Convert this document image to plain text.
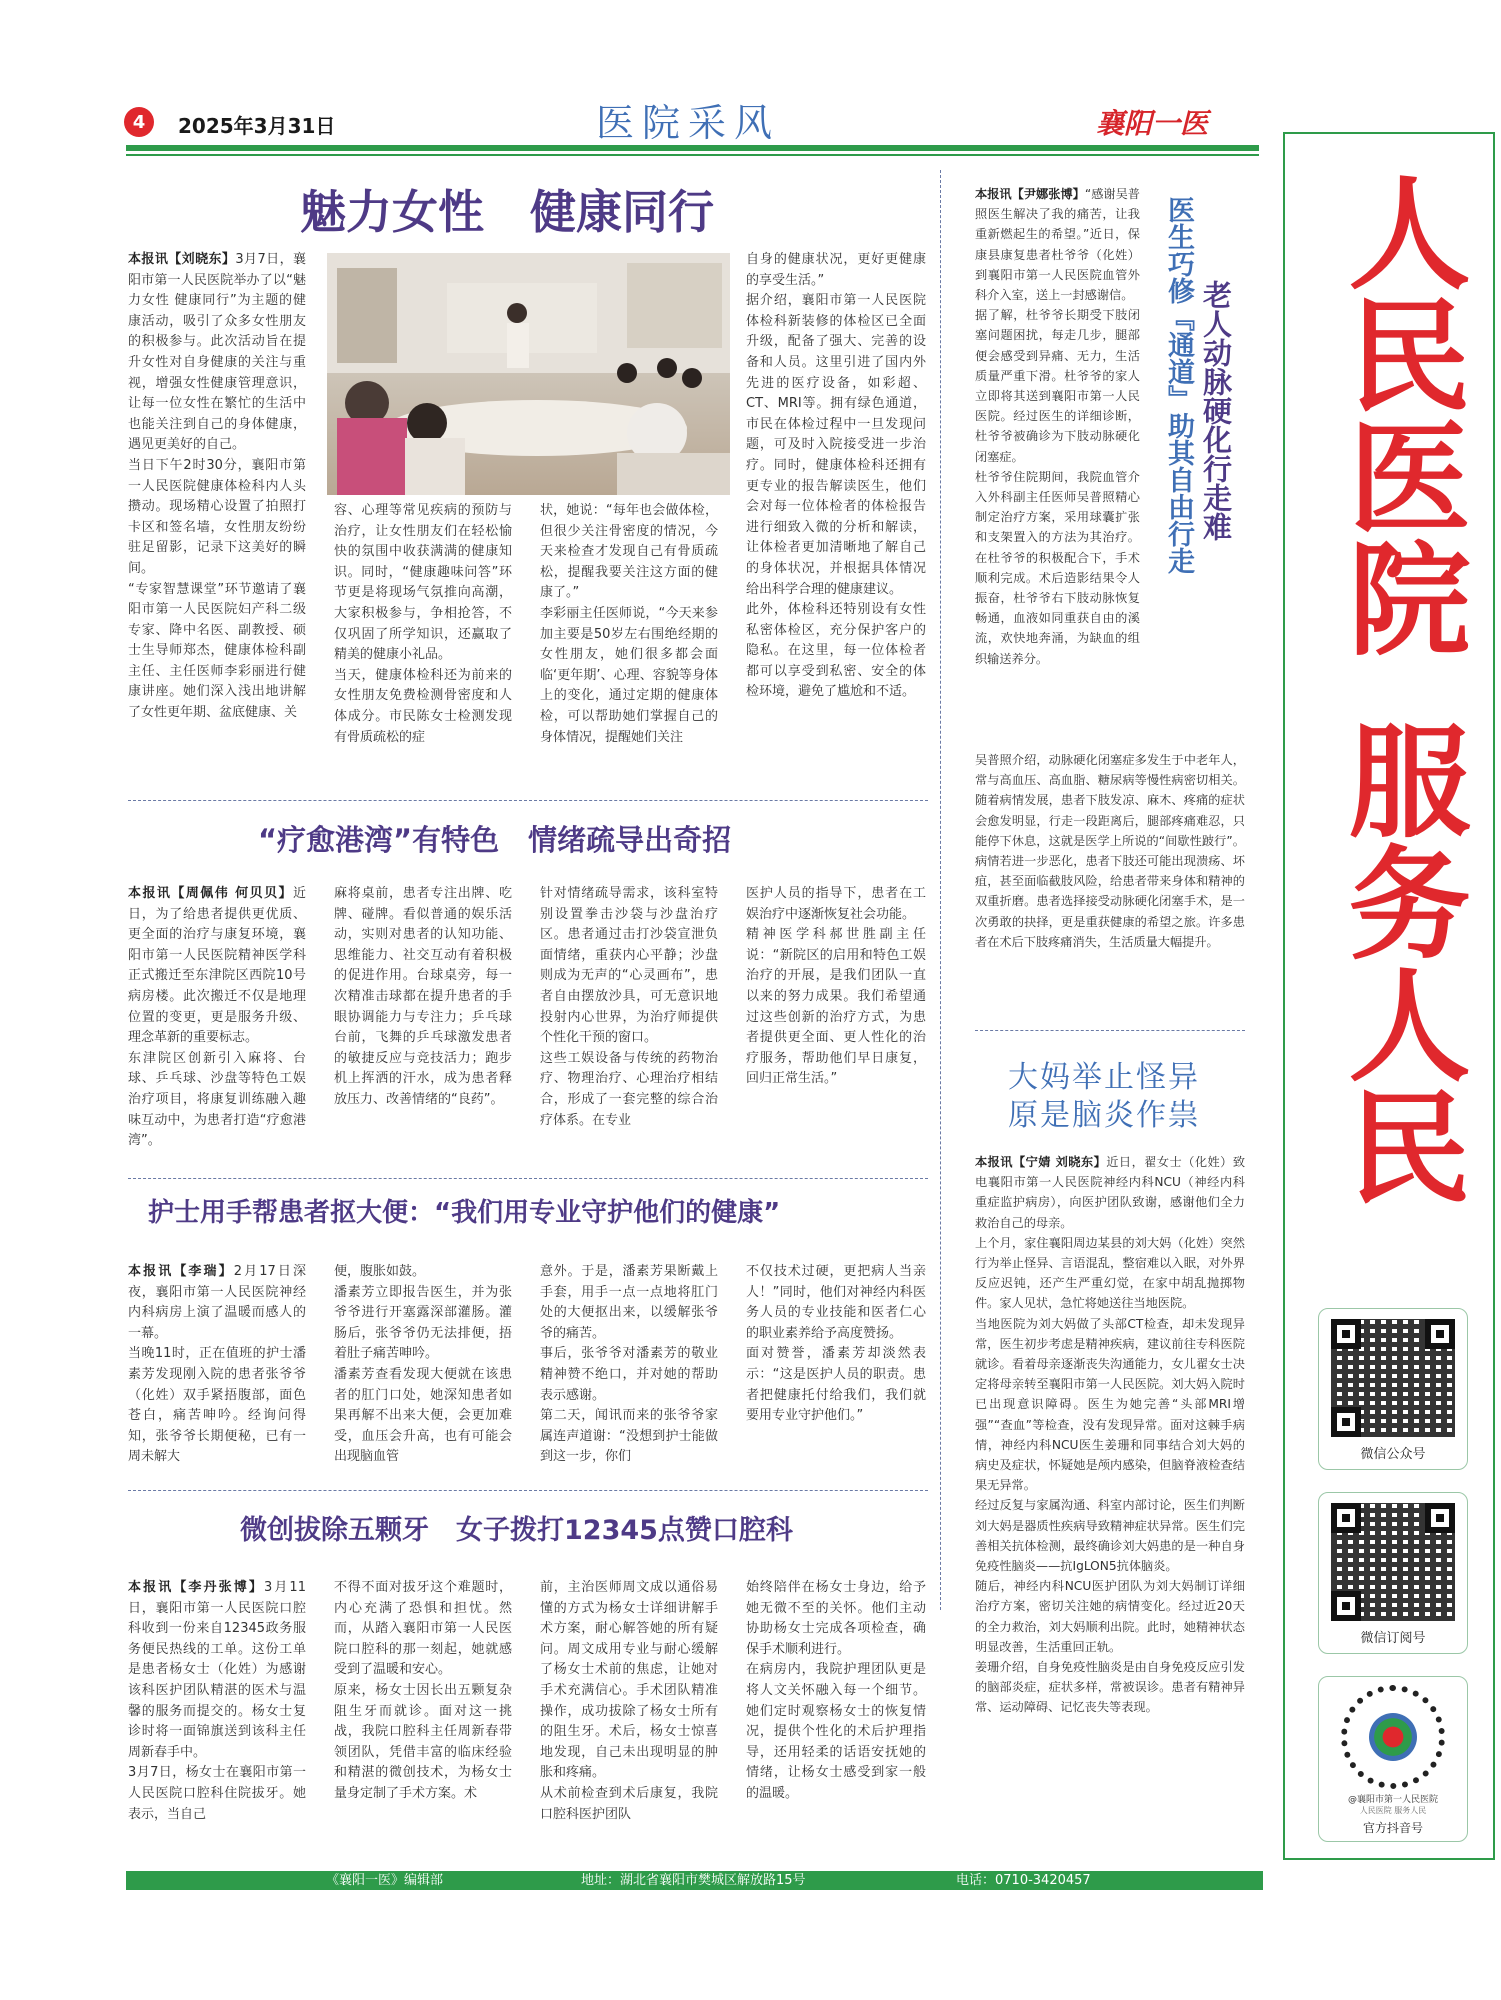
4 2025年3月31日	医院采风	襄阳一医
魅力女性　健康同行
本报讯【刘晓东】3月7日，襄阳市第一人民医院举办了以“魅力女性 健康同行”为主题的健康活动，吸引了众多女性朋友的积极参与。此次活动旨在提升女性对自身健康的关注与重视，增强女性健康管理意识，让每一位女性在繁忙的生活中也能关注到自己的身体健康，遇见更美好的自己。
当日下午2时30分，襄阳市第一人民医院健康体检科内人头攒动。现场精心设置了拍照打卡区和签名墙，女性朋友纷纷驻足留影，记录下这美好的瞬间。
“专家智慧课堂”环节邀请了襄阳市第一人民医院妇产科二级专家、降中名医、副教授、硕士生导师郑杰，健康体检科副主任、主任医师李彩丽进行健康讲座。她们深入浅出地讲解了女性更年期、盆底健康、关
容、心理等常见疾病的预防与治疗，让女性朋友们在轻松愉快的氛围中收获满满的健康知识。同时，“健康趣味问答”环节更是将现场气氛推向高潮，大家积极参与，争相抢答，不仅巩固了所学知识，还赢取了精美的健康小礼品。
当天，健康体检科还为前来的女性朋友免费检测骨密度和人体成分。市民陈女士检测发现有骨质疏松的症
状，她说：“每年也会做体检，但很少关注骨密度的情况，今天来检查才发现自己有骨质疏松，提醒我要关注这方面的健康了。”
李彩丽主任医师说，“今天来参加主要是50岁左右围绝经期的女性朋友，她们很多都会面临‘更年期’、心理、容貌等身体上的变化，通过定期的健康体检，可以帮助她们掌握自己的身体情况，提醒她们关注
自身的健康状况，更好更健康的享受生活。”
据介绍，襄阳市第一人民医院体检科新装修的体检区已全面升级，配备了强大、完善的设备和人员。这里引进了国内外先进的医疗设备，如彩超、CT、MRI等。拥有绿色通道，市民在体检过程中一旦发现问题，可及时入院接受进一步治疗。同时，健康体检科还拥有更专业的报告解读医生，他们会对每一位体检者的体检报告进行细致入微的分析和解读，让体检者更加清晰地了解自己的身体状况，并根据具体情况给出科学合理的健康建议。
此外，体检科还特别设有女性私密体检区，充分保护客户的隐私。在这里，每一位体检者都可以享受到私密、安全的体检环境，避免了尴尬和不适。
“疗愈港湾”有特色　情绪疏导出奇招
本报讯【周佩伟 何贝贝】近日，为了给患者提供更优质、更全面的治疗与康复环境，襄阳市第一人民医院精神医学科正式搬迁至东津院区西院10号病房楼。此次搬迁不仅是地理位置的变更，更是服务升级、理念革新的重要标志。
东津院区创新引入麻将、台球、乒乓球、沙盘等特色工娱治疗项目，将康复训练融入趣味互动中，为患者打造“疗愈港湾”。
麻将桌前，患者专注出牌、吃牌、碰牌。看似普通的娱乐活动，实则对患者的认知功能、思维能力、社交互动有着积极的促进作用。台球桌旁，每一次精准击球都在提升患者的手眼协调能力与专注力；乒乓球台前，飞舞的乒乓球激发患者的敏捷反应与竞技活力；跑步机上挥洒的汗水，成为患者释放压力、改善情绪的“良药”。
针对情绪疏导需求，该科室特别设置拳击沙袋与沙盘治疗区。患者通过击打沙袋宣泄负面情绪，重获内心平静；沙盘则成为无声的“心灵画布”，患者自由摆放沙具，可无意识地投射内心世界，为治疗师提供个性化干预的窗口。
这些工娱设备与传统的药物治疗、物理治疗、心理治疗相结合，形成了一套完整的综合治疗体系。在专业
医护人员的指导下，患者在工娱治疗中逐渐恢复社会功能。
精神医学科郝世胜副主任说：“新院区的启用和特色工娱治疗的开展，是我们团队一直以来的努力成果。我们希望通过这些创新的治疗方式，为患者提供更全面、更人性化的治疗服务，帮助他们早日康复，回归正常生活。”
护士用手帮患者抠大便：“我们用专业守护他们的健康”
本报讯【李瑞】2月17日深夜，襄阳市第一人民医院神经内科病房上演了温暖而感人的一幕。
当晚11时，正在值班的护士潘素芳发现刚入院的患者张爷爷（化姓）双手紧捂腹部，面色苍白，痛苦呻吟。经询问得知，张爷爷长期便秘，已有一周未解大
便，腹胀如鼓。
潘素芳立即报告医生，并为张爷爷进行开塞露深部灌肠。灌肠后，张爷爷仍无法排便，捂着肚子痛苦呻吟。
潘素芳查看发现大便就在该患者的肛门口处，她深知患者如果再解不出来大便，会更加难受，血压会升高，也有可能会出现脑血管
意外。于是，潘素芳果断戴上手套，用手一点一点地将肛门处的大便抠出来，以缓解张爷爷的痛苦。
事后，张爷爷对潘素芳的敬业精神赞不绝口，并对她的帮助表示感谢。
第二天，闻讯而来的张爷爷家属连声道谢：“没想到护士能做到这一步，你们
不仅技术过硬，更把病人当亲人！”同时，他们对神经内科医务人员的专业技能和医者仁心的职业素养给予高度赞扬。
面对赞誉，潘素芳却淡然表示：“这是医护人员的职责。患者把健康托付给我们，我们就要用专业守护他们。”
微创拔除五颗牙　女子拨打12345点赞口腔科
本报讯【李丹张博】3月11日，襄阳市第一人民医院口腔科收到一份来自12345政务服务便民热线的工单。这份工单是患者杨女士（化姓）为感谢该科医护团队精湛的医术与温馨的服务而提交的。杨女士复诊时将一面锦旗送到该科主任周新春手中。
3月7日，杨女士在襄阳市第一人民医院口腔科住院拔牙。她表示，当自己
不得不面对拔牙这个难题时，内心充满了恐惧和担忧。然而，从踏入襄阳市第一人民医院口腔科的那一刻起，她就感受到了温暖和安心。
原来，杨女士因长出五颗复杂阻生牙而就诊。面对这一挑战，我院口腔科主任周新春带领团队，凭借丰富的临床经验和精湛的微创技术，为杨女士量身定制了手术方案。术
前，主治医师周文成以通俗易懂的方式为杨女士详细讲解手术方案，耐心解答她的所有疑问。周文成用专业与耐心缓解了杨女士术前的焦虑，让她对手术充满信心。手术团队精准操作，成功拔除了杨女士所有的阻生牙。术后，杨女士惊喜地发现，自己未出现明显的肿胀和疼痛。
从术前检查到术后康复，我院口腔科医护团队
始终陪伴在杨女士身边，给予她无微不至的关怀。他们主动协助杨女士完成各项检查，确保手术顺利进行。
在病房内，我院护理团队更是将人文关怀融入每一个细节。她们定时观察杨女士的恢复情况，提供个性化的术后护理指导，还用轻柔的话语安抚她的情绪，让杨女士感受到家一般的温暖。
本报讯【尹娜张博】“感谢吴普照医生解决了我的痛苦，让我重新燃起生的希望。”近日，保康县康复患者杜爷爷（化姓）到襄阳市第一人民医院血管外科介入室，送上一封感谢信。
据了解，杜爷爷长期受下肢闭塞问题困扰，每走几步，腿部便会感受到异痛、无力，生活质量严重下滑。杜爷爷的家人立即将其送到襄阳市第一人民医院。经过医生的详细诊断，杜爷爷被确诊为下肢动脉硬化闭塞症。
杜爷爷住院期间，我院血管介入外科副主任医师吴普照精心制定治疗方案，采用球囊扩张和支架置入的方法为其治疗。在杜爷爷的积极配合下，手术顺利完成。术后造影结果令人振奋，杜爷爷右下肢动脉恢复畅通，血液如同重获自由的溪流，欢快地奔涌，为缺血的组织输送养分。

老人动脉硬化行走难
医生巧修『通道』助其自由行走
吴普照介绍，动脉硬化闭塞症多发生于中老年人，常与高血压、高血脂、糖尿病等慢性病密切相关。随着病情发展，患者下肢发凉、麻木、疼痛的症状会愈发明显，行走一段距离后，腿部疼痛难忍，只能停下休息，这就是医学上所说的“间歇性跛行”。病情若进一步恶化，患者下肢还可能出现溃疡、坏疽，甚至面临截肢风险，给患者带来身体和精神的双重折磨。患者选择接受动脉硬化闭塞手术，是一次勇敢的抉择，更是重获健康的希望之旅。许多患者在术后下肢疼痛消失，生活质量大幅提升。
大妈举止怪异
原是脑炎作祟
本报讯【宁婧 刘晓东】近日，翟女士（化姓）致电襄阳市第一人民医院神经内科NCU（神经内科重症监护病房），向医护团队致谢，感谢他们全力救治自己的母亲。
上个月，家住襄阳周边某县的刘大妈（化姓）突然行为举止怪异、言语混乱，整宿难以入眠，对外界反应迟钝，还产生严重幻觉，在家中胡乱抛掷物件。家人见状，急忙将她送往当地医院。
当地医院为刘大妈做了头部CT检查，却未发现异常，医生初步考虑是精神疾病，建议前往专科医院就诊。看着母亲逐渐丧失沟通能力，女儿翟女士决定将母亲转至襄阳市第一人民医院。刘大妈入院时已出现意识障碍。医生为她完善“头部MRI增强”“查血”等检查，没有发现异常。面对这棘手病情，神经内科NCU医生姜珊和同事结合刘大妈的病史及症状，怀疑她是颅内感染，但脑脊液检查结果无异常。
经过反复与家属沟通、科室内部讨论，医生们判断刘大妈是器质性疾病导致精神症状异常。医生们完善相关抗体检测，最终确诊刘大妈患的是一种自身免疫性脑炎——抗IgLON5抗体脑炎。
随后，神经内科NCU医护团队为刘大妈制订详细治疗方案，密切关注她的病情变化。经过近20天的全力救治，刘大妈顺利出院。此时，她精神状态明显改善，生活重回正轨。
姜珊介绍，自身免疫性脑炎是由自身免疫反应引发的脑部炎症，症状多样，常被误诊。患者有精神异常、运动障碍、记忆丧失等表现。
人民医院
服务人民
微信公众号
微信订阅号
@襄阳市第一人民医院
人民医院 服务人民
官方抖音号
《襄阳一医》编辑部	地址：湖北省襄阳市樊城区解放路15号	电话：0710-3420457
